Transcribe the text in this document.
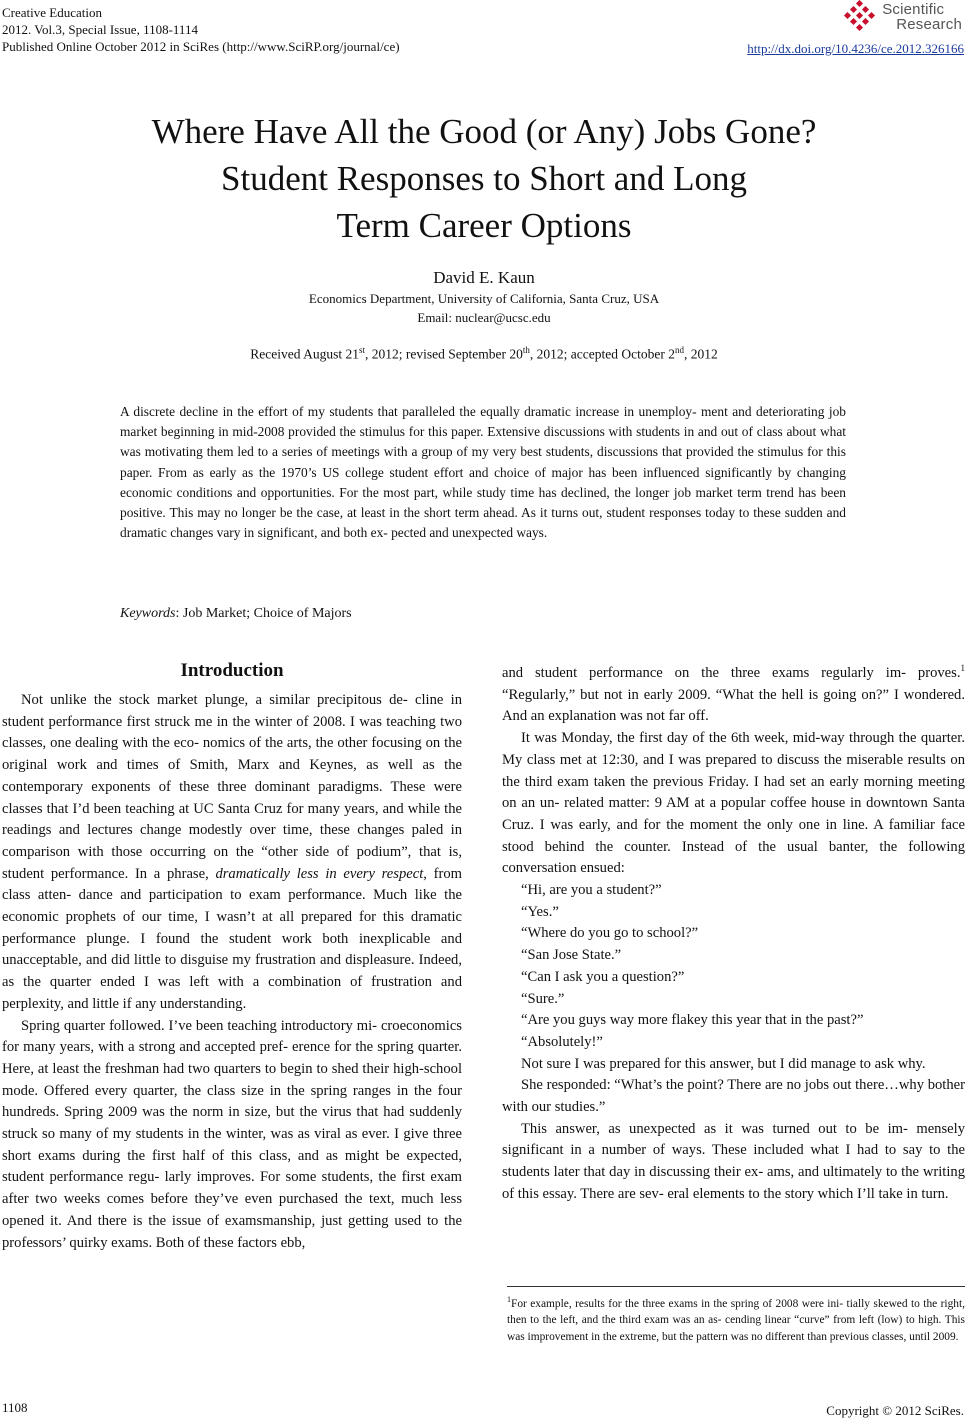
Creative Education
2012. Vol.3, Special Issue, 1108-1114
Published Online October 2012 in SciRes (http://www.SciRP.org/journal/ce)
Scientific
Research
http://dx.doi.org/10.4236/ce.2012.326166
Where Have All the Good (or Any) Jobs Gone?
Student Responses to Short and Long
Term Career Options
David E. Kaun
Economics Department, University of California, Santa Cruz, USA
Email: nuclear@ucsc.edu
Received August 21st, 2012; revised September 20th, 2012; accepted October 2nd, 2012
A discrete decline in the effort of my students that paralleled the equally dramatic increase in unemploy- ment and deteriorating job market beginning in mid-2008 provided the stimulus for this paper. Extensive discussions with students in and out of class about what was motivating them led to a series of meetings with a group of my very best students, discussions that provided the stimulus for this paper. From as early as the 1970’s US college student effort and choice of major has been influenced significantly by changing economic conditions and opportunities. For the most part, while study time has declined, the longer job market term trend has been positive. This may no longer be the case, at least in the short term ahead. As it turns out, student responses today to these sudden and dramatic changes vary in significant, and both ex- pected and unexpected ways.
Keywords: Job Market; Choice of Majors
Introduction

Not unlike the stock market plunge, a similar precipitous de- cline in student performance first struck me in the winter of 2008. I was teaching two classes, one dealing with the eco- nomics of the arts, the other focusing on the original work and times of Smith, Marx and Keynes, as well as the contemporary exponents of these three dominant paradigms. These were classes that I’d been teaching at UC Santa Cruz for many years, and while the readings and lectures change modestly over time, these changes paled in comparison with those occurring on the “other side of podium”, that is, student performance. In a phrase, dramatically less in every respect, from class atten- dance and participation to exam performance. Much like the economic prophets of our time, I wasn’t at all prepared for this dramatic performance plunge. I found the student work both inexplicable and unacceptable, and did little to disguise my frustration and displeasure. Indeed, as the quarter ended I was left with a combination of frustration and perplexity, and little if any understanding.

Spring quarter followed. I’ve been teaching introductory mi- croeconomics for many years, with a strong and accepted pref- erence for the spring quarter. Here, at least the freshman had two quarters to begin to shed their high-school mode. Offered every quarter, the class size in the spring ranges in the four hundreds. Spring 2009 was the norm in size, but the virus that had suddenly struck so many of my students in the winter, was as viral as ever. I give three short exams during the first half of this class, and as might be expected, student performance regu- larly improves. For some students, the first exam after two weeks comes before they’ve even purchased the text, much less opened it. And there is the issue of examsmanship, just getting used to the professors’ quirky exams. Both of these factors ebb,

and student performance on the three exams regularly im- proves.$^1$ “Regularly,” but not in early 2009. “What the hell is going on?” I wondered. And an explanation was not far off.

It was Monday, the first day of the 6th week, mid-way through the quarter. My class met at 12:30, and I was prepared to discuss the miserable results on the third exam taken the previous Friday. I had set an early morning meeting on an un- related matter: 9 AM at a popular coffee house in downtown Santa Cruz. I was early, and for the moment the only one in line. A familiar face stood behind the counter. Instead of the usual banter, the following conversation ensued:

“Hi, are you a student?”

“Yes.”

“Where do you go to school?”

“San Jose State.”

“Can I ask you a question?”

“Sure.”

“Are you guys way more flakey this year that in the past?”

“Absolutely!”

Not sure I was prepared for this answer, but I did manage to ask why.

She responded: “What’s the point? There are no jobs out there…why bother with our studies.”

This answer, as unexpected as it was turned out to be im- mensely significant in a number of ways. These included what I had to say to the students later that day in discussing their ex- ams, and ultimately to the writing of this essay. There are sev- eral elements to the story which I’ll take in turn.

$^1$For example, results for the three exams in the spring of 2008 were ini- tially skewed to the right, then to the left, and the third exam was an as- cending linear “curve” from left (low) to high. This was improvement in the extreme, but the pattern was no different than previous classes, until 2009.
1108	Copyright © 2012 SciRes.
